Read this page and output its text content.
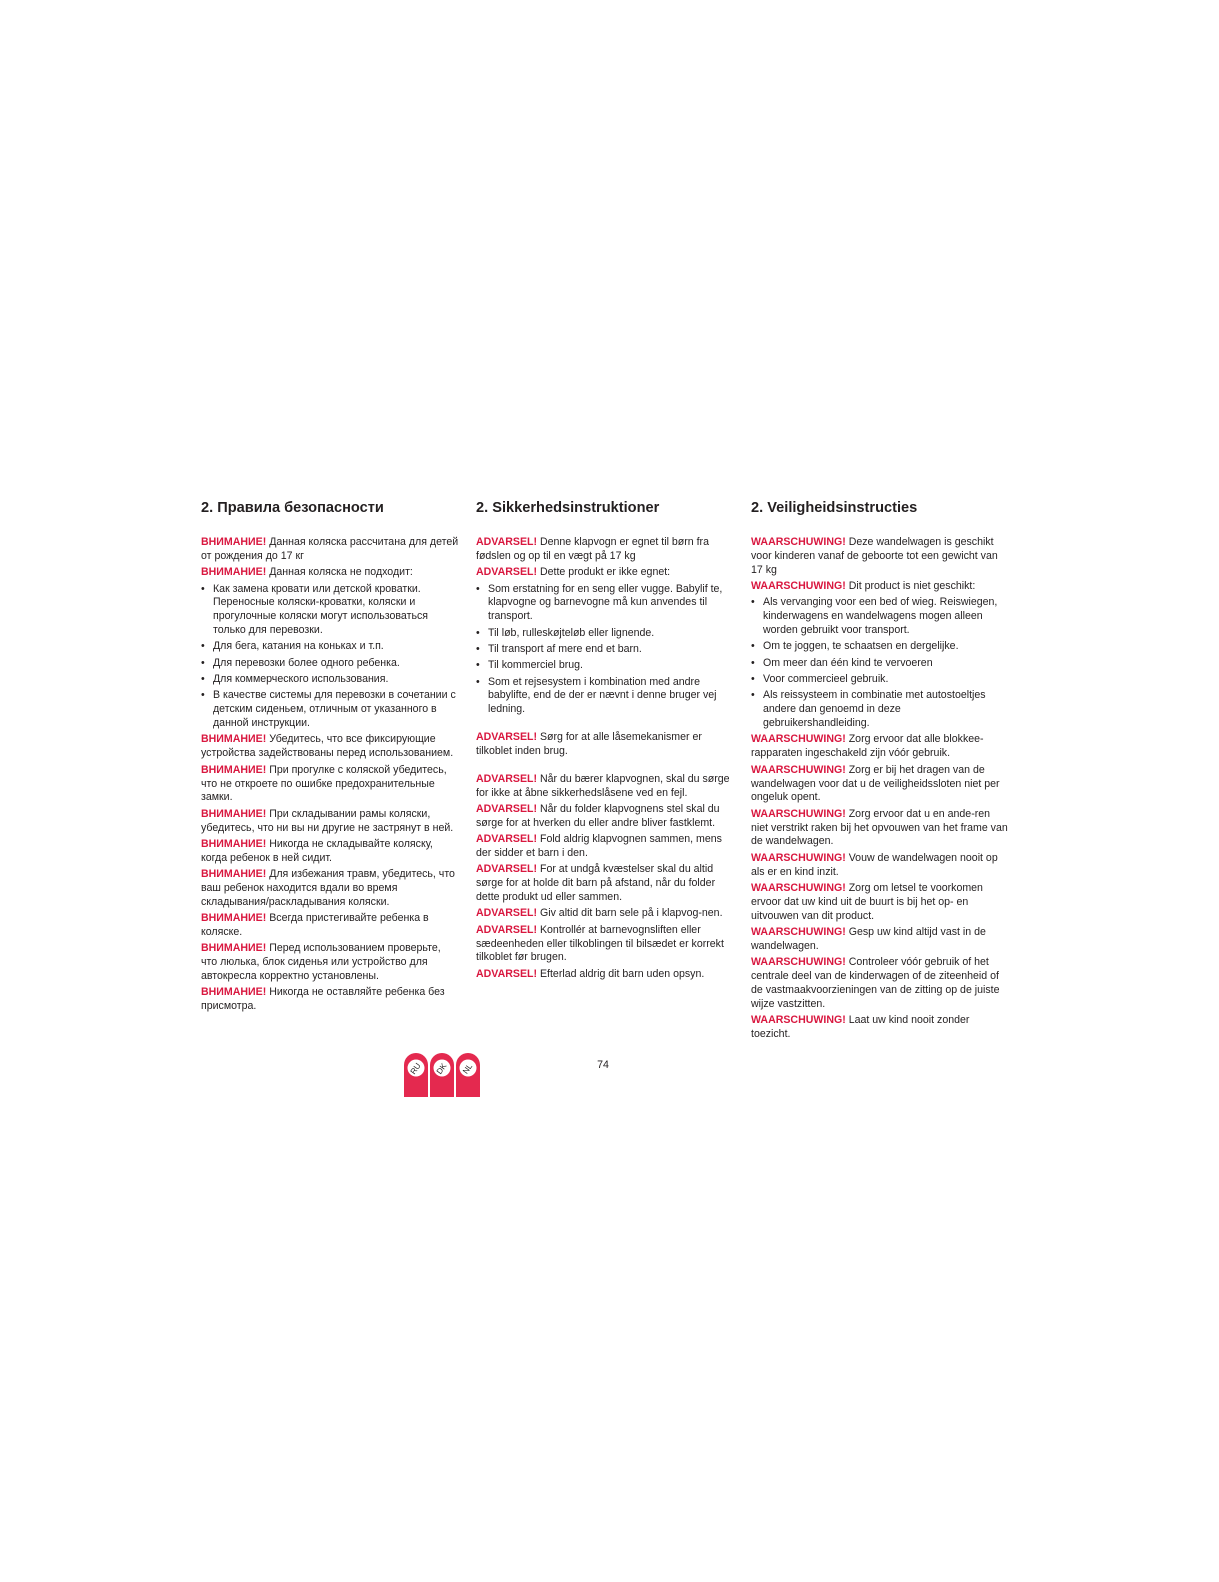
2. Правила безопасности

ВНИМАНИЕ! Данная коляска рассчитана для детей от рождения до 17 кг

ВНИМАНИЕ! Данная коляска не подходит:

• Как замена кровати или детской кроватки. Переносные коляски-кроватки, коляски и прогулочные коляски могут использоваться только для перевозки.
• Для бега, катания на коньках и т.п.
• Для перевозки более одного ребенка.
• Для коммерческого использования.
• В качестве системы для перевозки в сочетании с детским сиденьем, отличным от указанного в данной инструкции.

ВНИМАНИЕ! Убедитесь, что все фиксирующие устройства задействованы перед использованием.

ВНИМАНИЕ! При прогулке с коляской убедитесь, что не откроете по ошибке предохранительные замки.

ВНИМАНИЕ! При складывании рамы коляски, убедитесь, что ни вы ни другие не застрянут в ней.

ВНИМАНИЕ! Никогда не складывайте коляску, когда ребенок в ней сидит.

ВНИМАНИЕ! Для избежания травм, убедитесь, что ваш ребенок находится вдали во время складывания/раскладывания коляски.

ВНИМАНИЕ! Всегда пристегивайте ребенка в коляске.

ВНИМАНИЕ! Перед использованием проверьте, что люлька, блок сиденья или устройство для автокресла корректно установлены.

ВНИМАНИЕ! Никогда не оставляйте ребенка без присмотра.

2. Sikkerhedsinstruktioner

ADVARSEL! Denne klapvogn er egnet til børn fra fødslen og op til en vægt på 17 kg

ADVARSEL! Dette produkt er ikke egnet:

• Som erstatning for en seng eller vugge. Babylif te, klapvogne og barnevogne må kun anvendes til transport.
• Til løb, rulleskøjteløb eller lignende.
• Til transport af mere end et barn.
• Til kommerciel brug.
• Som et rejsesystem i kombination med andre babylifte, end de der er nævnt i denne bruger vej ledning.

ADVARSEL! Sørg for at alle låsemekanismer er tilkoblet inden brug.

ADVARSEL! Når du bærer klapvognen, skal du sørge for ikke at åbne sikkerhedslåsene ved en fejl.

ADVARSEL! Når du folder klapvognens stel skal du sørge for at hverken du eller andre bliver fastklemt.

ADVARSEL! Fold aldrig klapvognen sammen, mens der sidder et barn i den.

ADVARSEL! For at undgå kvæstelser skal du altid sørge for at holde dit barn på afstand, når du folder dette produkt ud eller sammen.

ADVARSEL! Giv altid dit barn sele på i klapvog-nen.

ADVARSEL! Kontrollér at barnevognsliften eller sædeenheden eller tilkoblingen til bilsædet er korrekt tilkoblet før brugen.

ADVARSEL! Efterlad aldrig dit barn uden opsyn.

2. Veiligheidsinstructies

WAARSCHUWING! Deze wandelwagen is geschikt voor kinderen vanaf de geboorte tot een gewicht van 17 kg

WAARSCHUWING! Dit product is niet geschikt:

• Als vervanging voor een bed of wieg. Reiswiegen, kinderwagens en wandelwagens mogen alleen worden gebruikt voor transport.
• Om te joggen, te schaatsen en dergelijke.
• Om meer dan één kind te vervoeren
• Voor commercieel gebruik.
• Als reissysteem in combinatie met autostoeltjes andere dan genoemd in deze gebruikershandleiding.

WAARSCHUWING! Zorg ervoor dat alle blokkee-rapparaten ingeschakeld zijn vóór gebruik.

WAARSCHUWING! Zorg er bij het dragen van de wandelwagen voor dat u de veiligheidssloten niet per ongeluk opent.

WAARSCHUWING! Zorg ervoor dat u en ande-ren niet verstrikt raken bij het opvouwen van het frame van de wandelwagen.

WAARSCHUWING! Vouw de wandelwagen nooit op als er en kind inzit.

WAARSCHUWING! Zorg om letsel te voorkomen ervoor dat uw kind uit de buurt is bij het op- en uitvouwen van dit product.

WAARSCHUWING! Gesp uw kind altijd vast in de wandelwagen.

WAARSCHUWING! Controleer vóór gebruik of het centrale deel van de kinderwagen of de ziteenheid of de vastmaakvoorzieningen van de zitting op de juiste wijze vastzitten.

WAARSCHUWING! Laat uw kind nooit zonder toezicht.

RU	DK	NL	74
